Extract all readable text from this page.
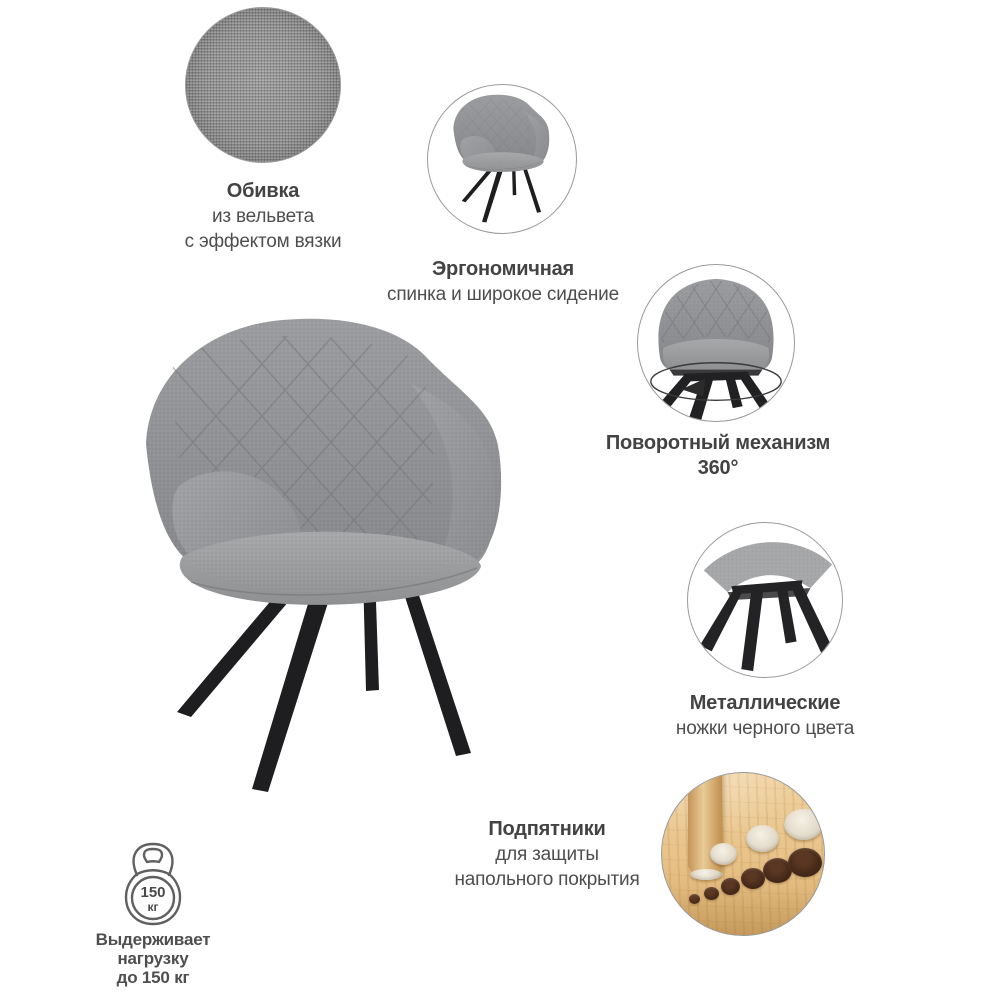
Обивка
из вельвета
с эффектом вязки
Эргономичная
спинка и широкое сидение
Поворотный механизм
360°
Металлические
ножки черного цвета
Подпятники
для защиты
напольного покрытия
150
кг
Выдерживает
нагрузку
до 150 кг
